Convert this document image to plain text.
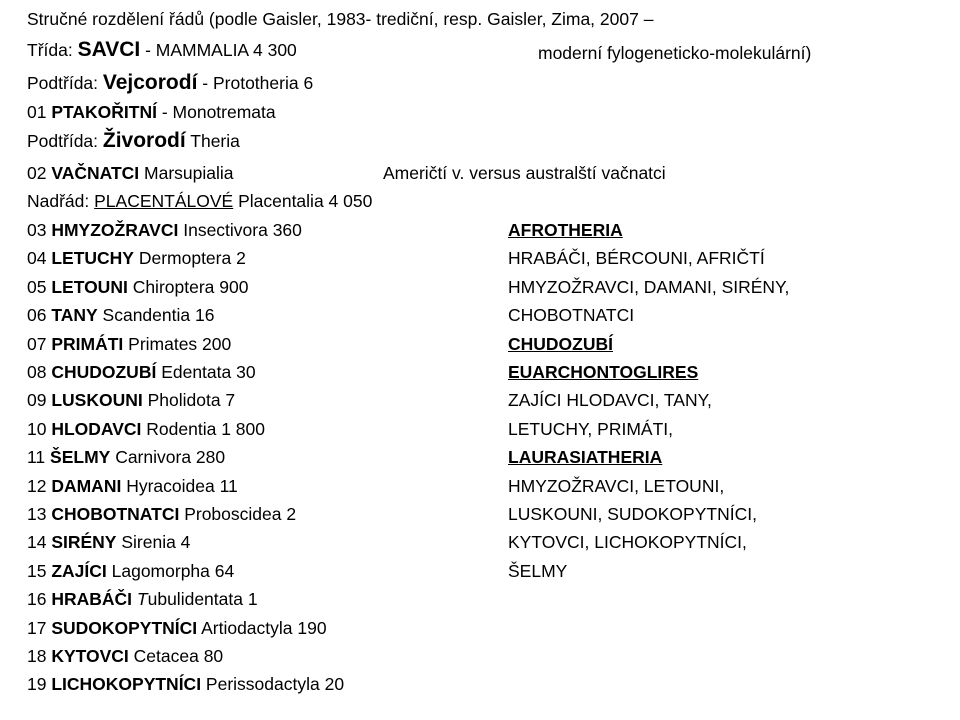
Stručné rozdělení řádů (podle Gaisler, 1983- trediční, resp. Gaisler, Zima, 2007 –
Třída: SAVCI - MAMMALIA 4 300	moderní fylogeneticko-molekulární)
Podtřída: Vejcorodí - Prototheria 6
01 PTAKOŘITNÍ - Monotremata
Podtřída: Živorodí Theria
02 VAČNATCI Marsupialia	Američtí v. versus australští vačnatci
Nadřád: PLACENTÁLOVÉ Placentalia 4 050
03 HMYZOŽRAVCI Insectivora 360
04 LETUCHY Dermoptera 2
05 LETOUNI Chiroptera 900
06 TANY Scandentia 16
07 PRIMÁTI Primates 200
08 CHUDOZUBÍ Edentata 30
09 LUSKOUNI Pholidota 7
10 HLODAVCI Rodentia 1 800
11 ŠELMY Carnivora 280
12 DAMANI Hyracoidea 11
13 CHOBOTNATCI Proboscidea 2
14 SIRÉNY Sirenia 4
15 ZAJÍCI Lagomorpha 64
16 HRABÁČI Tubulidentata 1
17 SUDOKOPYTNÍCI Artiodactyla 190
18 KYTOVCI Cetacea 80
19 LICHOKOPYTNÍCI Perissodactyla 20
AFROTHERIA
HRABÁČI, BÉRCOUNI, AFRIČTÍ
HMYZOŽRAVCI, DAMANI, SIRÉNY,
CHOBOTNATCI
CHUDOZUBÍ
EUARCHONTOGLIRES
ZAJÍCI HLODAVCI, TANY,
LETUCHY, PRIMÁTI,
LAURASIATHERIA
HMYZOŽRAVCI, LETOUNI,
LUSKOUNI, SUDOKOPYTNÍCI,
KYTOVCI, LICHOKOPYTNÍCI,
ŠELMY
